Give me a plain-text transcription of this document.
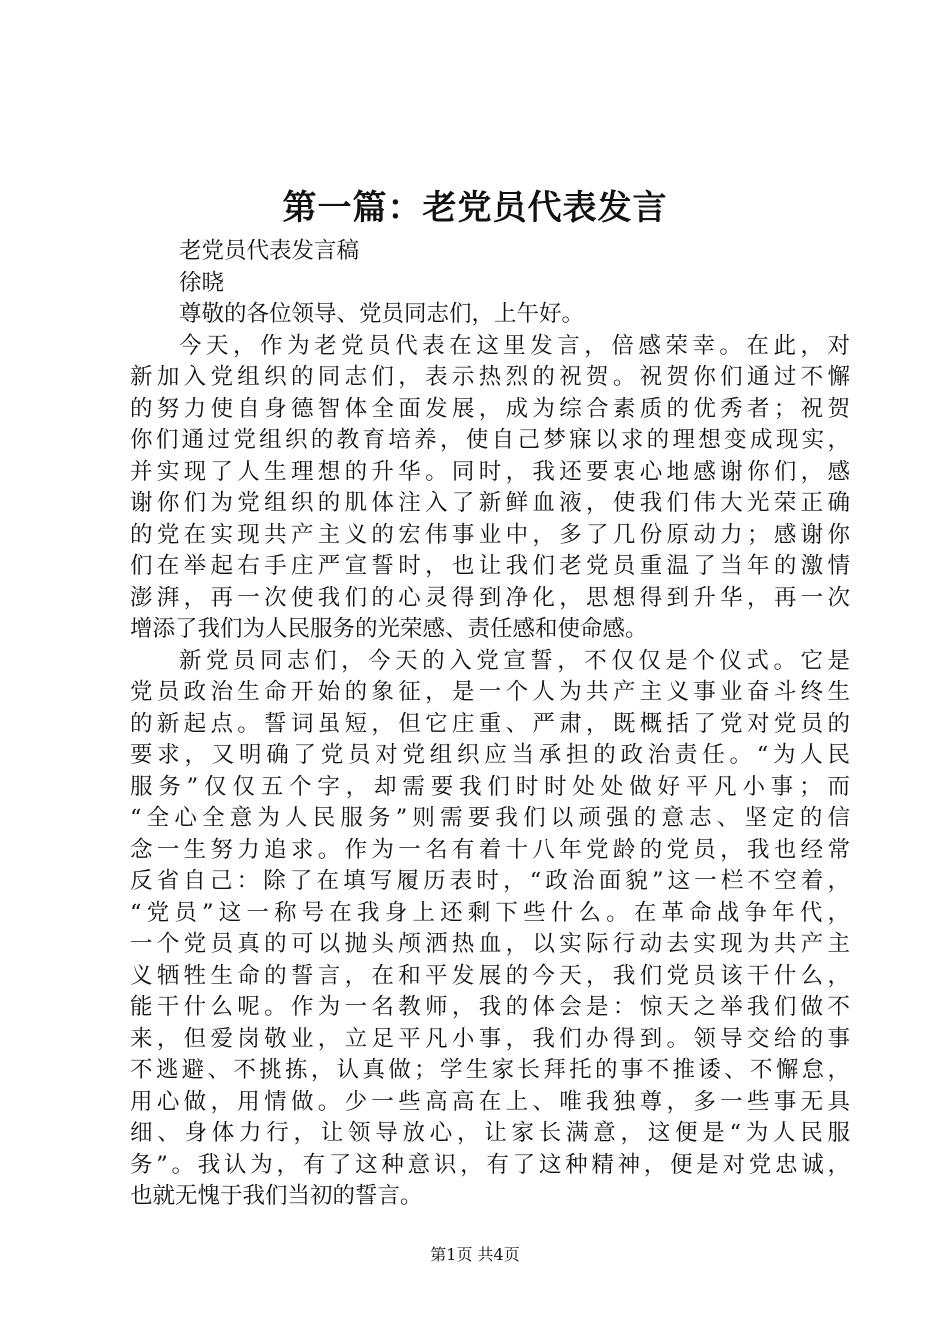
第一篇：老党员代表发言
老党员代表发言稿
徐晓
尊敬的各位领导、党员同志们，上午好。
今天，作为老党员代表在这里发言，倍感荣幸。在此，对
新加入党组织的同志们，表示热烈的祝贺。祝贺你们通过不懈
的努力使自身德智体全面发展，成为综合素质的优秀者；祝贺
你们通过党组织的教育培养，使自己梦寐以求的理想变成现实，
并实现了人生理想的升华。同时，我还要衷心地感谢你们，感
谢你们为党组织的肌体注入了新鲜血液，使我们伟大光荣正确
的党在实现共产主义的宏伟事业中，多了几份原动力；感谢你
们在举起右手庄严宣誓时，也让我们老党员重温了当年的激情
澎湃，再一次使我们的心灵得到净化，思想得到升华，再一次
增添了我们为人民服务的光荣感、责任感和使命感。
新党员同志们，今天的入党宣誓，不仅仅是个仪式。它是
党员政治生命开始的象征，是一个人为共产主义事业奋斗终生
的新起点。誓词虽短，但它庄重、严肃，既概括了党对党员的
要求，又明确了党员对党组织应当承担的政治责任。“为人民
服务”仅仅五个字，却需要我们时时处处做好平凡小事；而
“全心全意为人民服务”则需要我们以顽强的意志、坚定的信
念一生努力追求。作为一名有着十八年党龄的党员，我也经常
反省自己：除了在填写履历表时，“政治面貌”这一栏不空着，
“党员”这一称号在我身上还剩下些什么。在革命战争年代，
一个党员真的可以抛头颅洒热血，以实际行动去实现为共产主
义牺牲生命的誓言，在和平发展的今天，我们党员该干什么，
能干什么呢。作为一名教师，我的体会是：惊天之举我们做不
来，但爱岗敬业，立足平凡小事，我们办得到。领导交给的事
不逃避、不挑拣，认真做；学生家长拜托的事不推诿、不懈怠，
用心做，用情做。少一些高高在上、唯我独尊，多一些事无具
细、身体力行，让领导放心，让家长满意，这便是“为人民服
务”。我认为，有了这种意识，有了这种精神，便是对党忠诚，
也就无愧于我们当初的誓言。
第1页 共4页
